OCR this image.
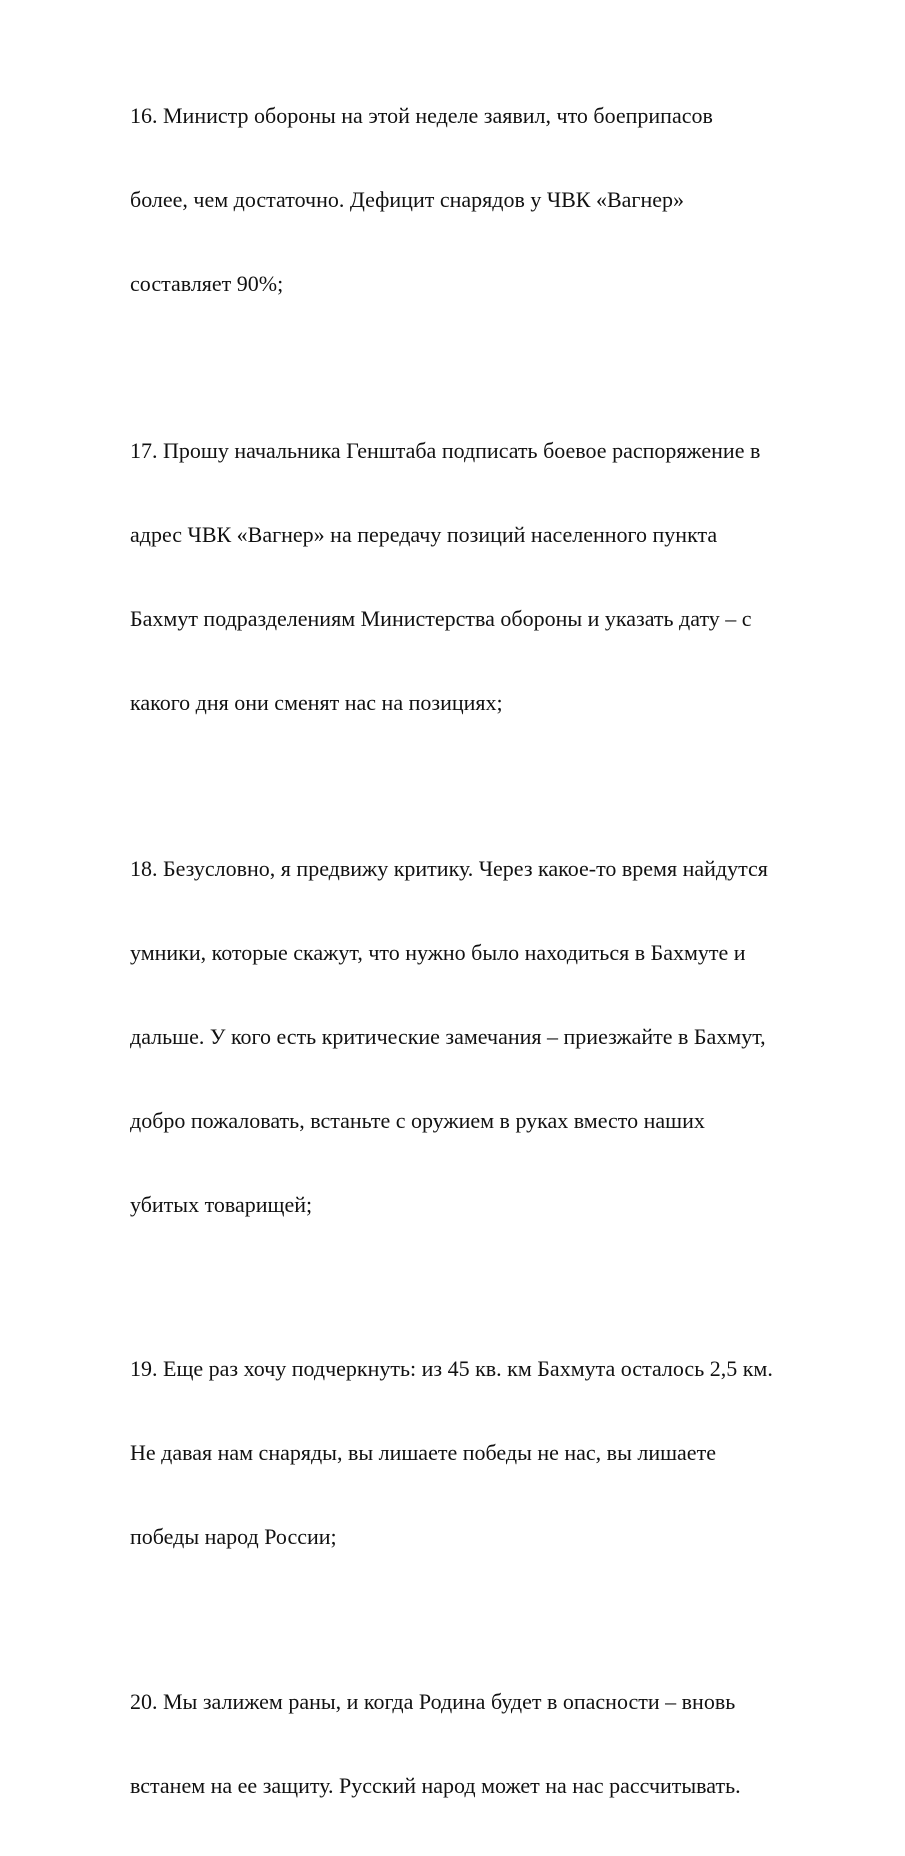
16. Министр обороны на этой неделе заявил, что боеприпасов

более, чем достаточно. Дефицит снарядов у ЧВК «Вагнер»

составляет 90%;

17. Прошу начальника Генштаба подписать боевое распоряжение в

адрес ЧВК «Вагнер» на передачу позиций населенного пункта

Бахмут подразделениям Министерства обороны и указать дату – с

какого дня они сменят нас на позициях;

18. Безусловно, я предвижу критику. Через какое-то время найдутся

умники, которые скажут, что нужно было находиться в Бахмуте и

дальше. У кого есть критические замечания – приезжайте в Бахмут,

добро пожаловать, встаньте с оружием в руках вместо наших

убитых товарищей;

19. Еще раз хочу подчеркнуть: из 45 кв. км Бахмута осталось 2,5 км.

Не давая нам снаряды, вы лишаете победы не нас, вы лишаете

победы народ России;

20. Мы залижем раны, и когда Родина будет в опасности – вновь

встанем на ее защиту. Русский народ может на нас рассчитывать.
